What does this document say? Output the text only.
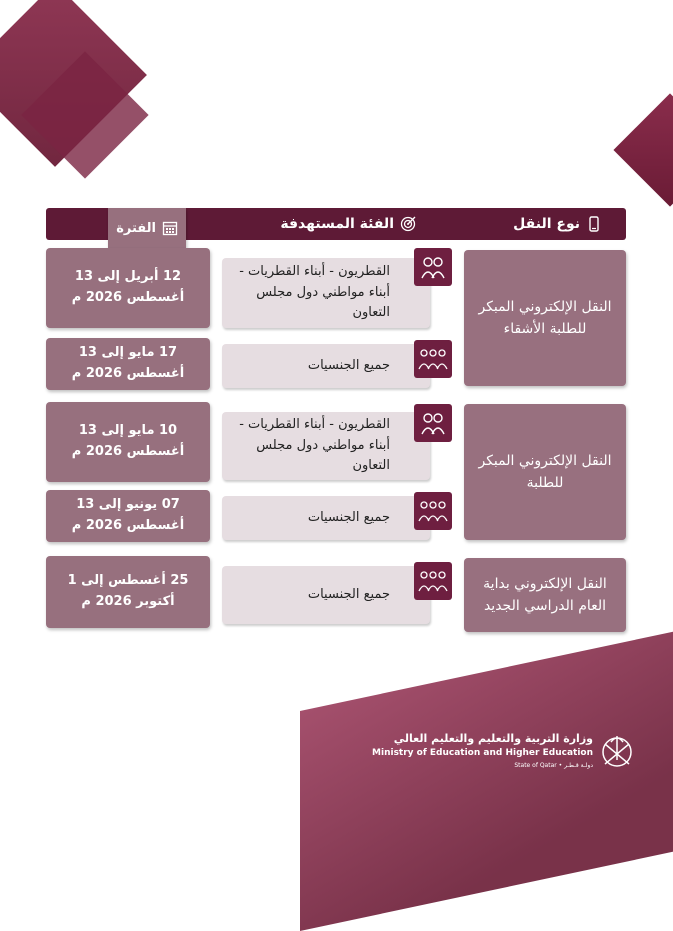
نوع النقل
الفئة المستهدفة
الفترة
النقل الإلكتروني المبكر للطلبة الأشقاء
القطريون - أبناء القطريات - أبناء مواطني دول مجلس التعاون
12 أبريل إلى 13 أغسطس 2026 م
جميع الجنسيات
17 مايو إلى 13 أغسطس 2026 م
النقل الإلكتروني المبكر للطلبة
القطريون - أبناء القطريات - أبناء مواطني دول مجلس التعاون
10 مايو إلى 13 أغسطس 2026 م
جميع الجنسيات
07 يونيو إلى 13 أغسطس 2026 م
النقل الإلكتروني بداية العام الدراسي الجديد
جميع الجنسيات
25 أغسطس إلى 1 أكتوبر 2026 م
وزارة التربية والتعليم والتعليم العالي
Ministry of Education and Higher Education
State of Qatar • دولـة قـطـر
